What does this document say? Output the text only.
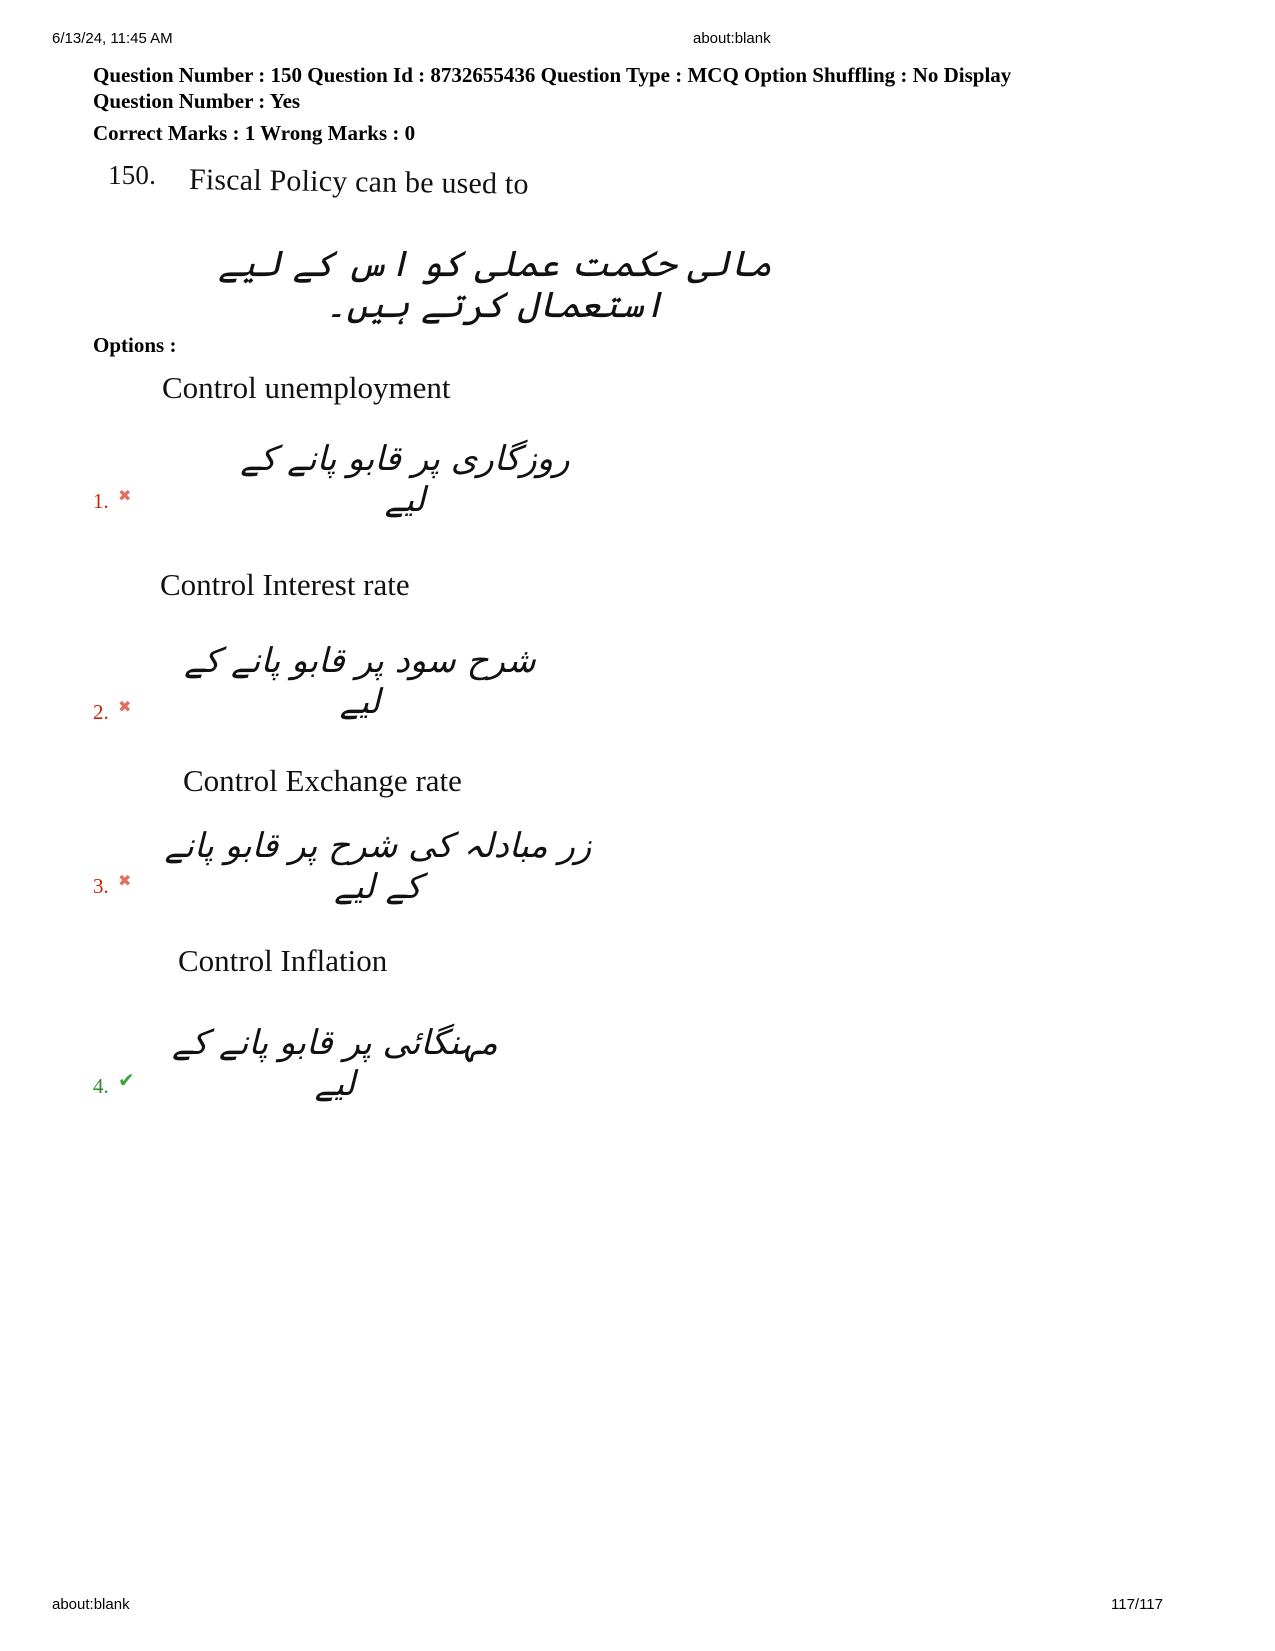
6/13/24, 11:45 AM	about:blank
Question Number : 150 Question Id : 8732655436 Question Type : MCQ Option Shuffling : No Display Question Number : Yes
Correct Marks : 1 Wrong Marks : 0
150. Fiscal Policy can be used to
مالی حکمت عملی کو اس کے لیے استعمال کرتے ہیں۔
Options :
Control unemployment
روزگاری پر قابو پانے کے لیے
1. ✖
Control Interest rate
شرح سود پر قابو پانے کے لیے
2. ✖
Control Exchange rate
زر مبادلہ کی شرح پر قابو پانے کے لیے
3. ✖
Control Inflation
مہنگائی پر قابو پانے کے لیے
4. ✔
about:blank	117/117
